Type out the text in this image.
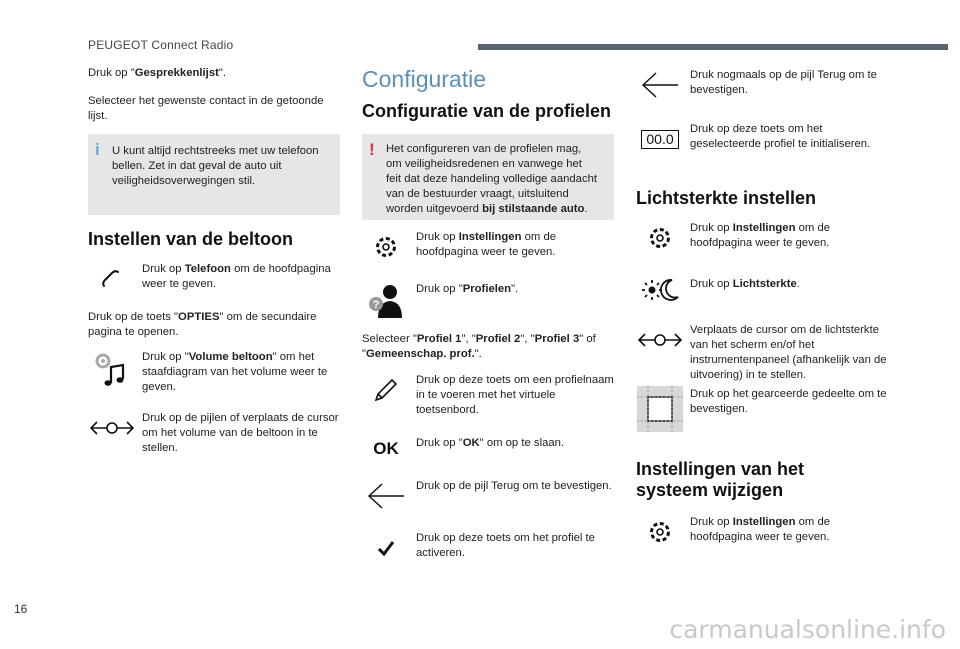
PEUGEOT Connect Radio

Druk op "Gesprekkenlijst".

Selecteer het gewenste contact in de getoonde lijst.

i U kunt altijd rechtstreeks met uw telefoon bellen. Zet in dat geval de auto uit veiligheidsoverwegingen stil.
Instellen van de beltoon
Druk op Telefoon om de hoofdpagina weer te geven.

Druk op de toets "OPTIES" om de secundaire pagina te openen.

Druk op "Volume beltoon" om het staafdiagram van het volume weer te geven.
Druk op de pijlen of verplaats de cursor om het volume van de beltoon in te stellen.
Configuratie
Configuratie van de profielen
! Het configureren van de profielen mag, om veiligheidsredenen en vanwege het feit dat deze handeling volledige aandacht van de bestuurder vraagt, uitsluitend worden uitgevoerd bij stilstaande auto.
Druk op Instellingen om de hoofdpagina weer te geven.
?
Druk op "Profielen".

Selecteer "Profiel 1", "Profiel 2", "Profiel 3" of "Gemeenschap. prof.".

Druk op deze toets om een profielnaam in te voeren met het virtuele toetsenbord.
OK Druk op "OK" om op te slaan.
Druk op de pijl Terug om te bevestigen.
Druk op deze toets om het profiel te activeren.
Druk nogmaals op de pijl Terug om te bevestigen.
00.0
Druk op deze toets om het geselecteerde profiel te initialiseren.
Lichtsterkte instellen
Druk op Instellingen om de hoofdpagina weer te geven.
Druk op Lichtsterkte.
Verplaats de cursor om de lichtsterkte van het scherm en/of het instrumentenpaneel (afhankelijk van de uitvoering) in te stellen.
Druk op het gearceerde gedeelte om te bevestigen.
Instellingen van het
systeem wijzigen
Druk op Instellingen om de hoofdpagina weer te geven.
16
carmanualsonline.info
